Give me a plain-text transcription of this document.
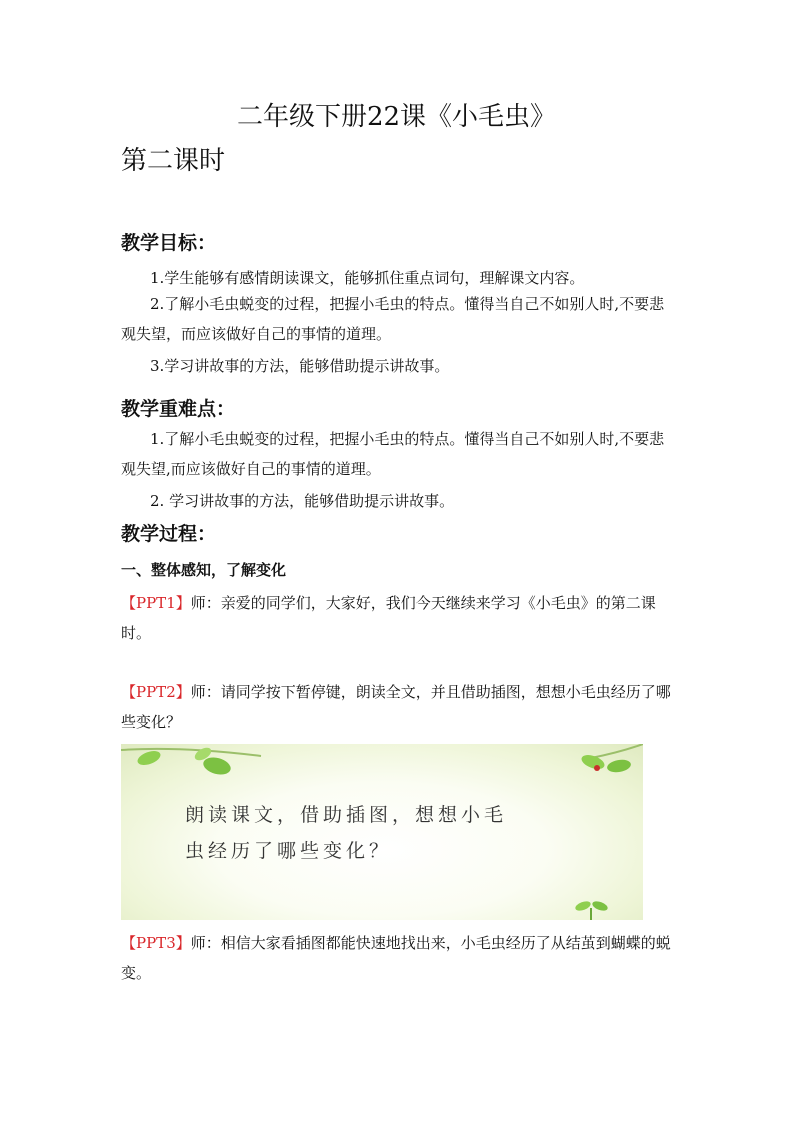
二年级下册22课《小毛虫》
第二课时
教学目标：
1.学生能够有感情朗读课文，能够抓住重点词句，理解课文内容。
2.了解小毛虫蜕变的过程，把握小毛虫的特点。懂得当自己不如别人时,不要悲观失望，而应该做好自己的事情的道理。
3.学习讲故事的方法，能够借助提示讲故事。
教学重难点：
1.了解小毛虫蜕变的过程，把握小毛虫的特点。懂得当自己不如别人时,不要悲观失望,而应该做好自己的事情的道理。
2. 学习讲故事的方法，能够借助提示讲故事。
教学过程：
一、整体感知，了解变化
【PPT1】师：亲爱的同学们，大家好，我们今天继续来学习《小毛虫》的第二课时。
【PPT2】师：请同学按下暂停键，朗读全文，并且借助插图，想想小毛虫经历了哪些变化？
朗读课文，借助插图，想想小毛
虫经历了哪些变化？
【PPT3】师：相信大家看插图都能快速地找出来，小毛虫经历了从结茧到蝴蝶的蜕变。
